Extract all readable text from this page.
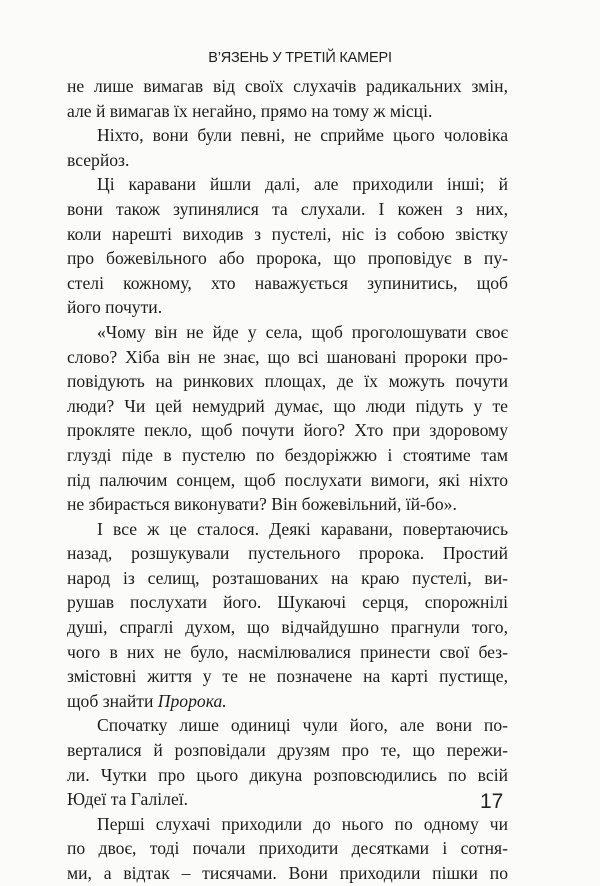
В’ЯЗЕНЬ У ТРЕТІЙ КАМЕРІ
не лише вимагав від своїх слухачів радикальних змін,
але й вимагав їх негайно, прямо на тому ж місці.
Ніхто, вони були певні, не сприйме цього чоловіка
всерйоз.
Ці каравани йшли далі, але приходили інші; й
вони також зупинялися та слухали. І кожен з них,
коли нарешті виходив з пустелі, ніс із собою звістку
про божевільного або пророка, що проповідує в пу-
стелі кожному, хто наважується зупинитись, щоб
його почути.
«Чому він не йде у села, щоб проголошувати своє
слово? Хіба він не знає, що всі шановані пророки про-
повідують на ринкових площах, де їх можуть почути
люди? Чи цей немудрий думає, що люди підуть у те
прокляте пекло, щоб почути його? Хто при здоровому
глузді піде в пустелю по бездоріжжю і стоятиме там
під палючим сонцем, щоб послухати вимоги, які ніхто
не збирається виконувати? Він божевільний, їй-бо».
І все ж це сталося. Деякі каравани, повертаючись
назад, розшукували пустельного пророка. Простий
народ із селищ, розташованих на краю пустелі, ви-
рушав послухати його. Шукаючі серця, спорожнілі
душі, спраглі духом, що відчайдушно прагнули того,
чого в них не було, насмілювалися принести свої без-
змістовні життя у те не позначене на карті пустище,
щоб знайти Пророка.
Спочатку лише одиниці чули його, але вони по-
верталися й розповідали друзям про те, що пережи-
ли. Чутки про цього дикуна розповсюдились по всій
Юдеї та Галілеї.
Перші слухачі приходили до нього по одному чи
по двоє, тоді почали приходити десятками і сотня-
ми, а відтак – тисячами. Вони приходили пішки по
17
